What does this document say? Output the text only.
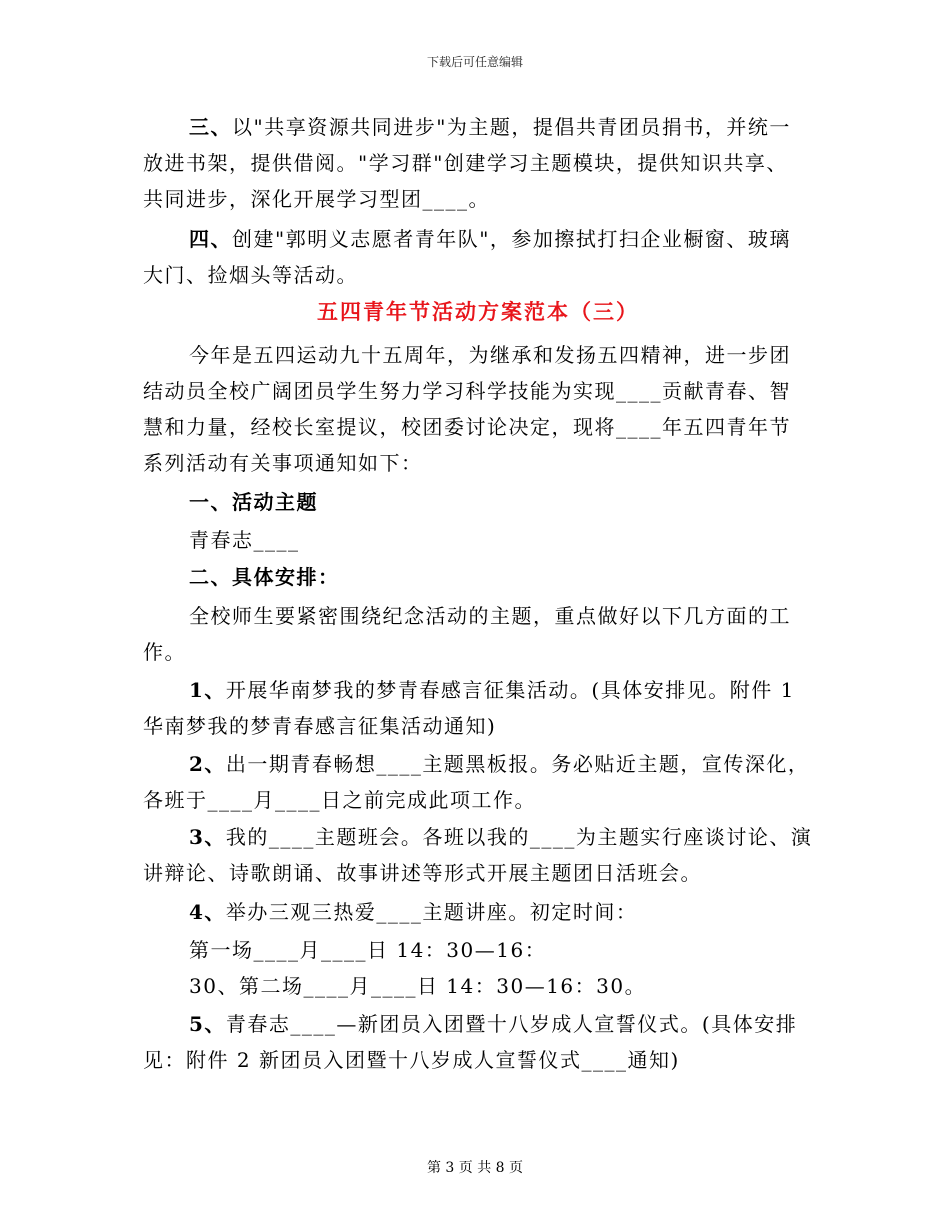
下载后可任意编辑
三、以"共享资源共同进步"为主题，提倡共青团员捐书，并统一
放进书架，提供借阅。"学习群"创建学习主题模块，提供知识共享、
共同进步，深化开展学习型团____。
四、创建"郭明义志愿者青年队"，参加擦拭打扫企业橱窗、玻璃
大门、捡烟头等活动。
五四青年节活动方案范本（三）
今年是五四运动九十五周年，为继承和发扬五四精神，进一步团
结动员全校广阔团员学生努力学习科学技能为实现____贡献青春、智
慧和力量，经校长室提议，校团委讨论决定，现将____年五四青年节
系列活动有关事项通知如下：
一、活动主题
青春志____
二、具体安排：
全校师生要紧密围绕纪念活动的主题，重点做好以下几方面的工
作。
1、开展华南梦我的梦青春感言征集活动。(具体安排见。附件 1
华南梦我的梦青春感言征集活动通知)
2、出一期青春畅想____主题黑板报。务必贴近主题，宣传深化，
各班于____月____日之前完成此项工作。
3、我的____主题班会。各班以我的____为主题实行座谈讨论、演
讲辩论、诗歌朗诵、故事讲述等形式开展主题团日活班会。
4、举办三观三热爱____主题讲座。初定时间：
第一场____月____日 14：30—16：
30、第二场____月____日 14：30—16：30。
5、青春志____—新团员入团暨十八岁成人宣誓仪式。(具体安排
见：附件 2 新团员入团暨十八岁成人宣誓仪式____通知)
第 3 页 共 8 页
